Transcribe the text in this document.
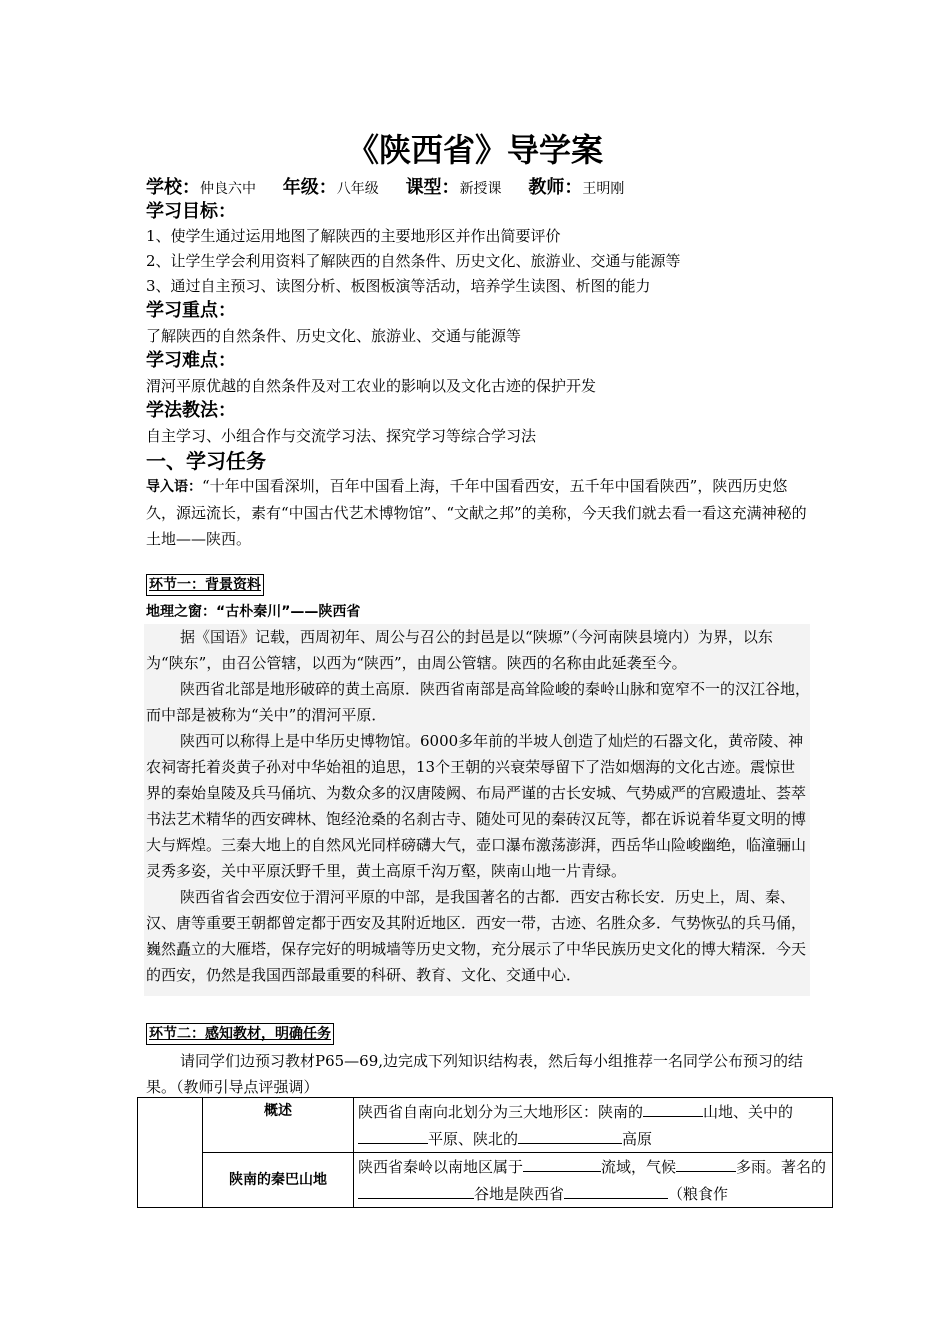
《陕西省》导学案
学校：仲良六中 年级：八年级 课型：新授课 教师：王明刚
学习目标：
1、使学生通过运用地图了解陕西的主要地形区并作出简要评价
2、让学生学会利用资料了解陕西的自然条件、历史文化、旅游业、交通与能源等
3、通过自主预习、读图分析、板图板演等活动，培养学生读图、析图的能力
学习重点：
了解陕西的自然条件、历史文化、旅游业、交通与能源等
学习难点：
渭河平原优越的自然条件及对工农业的影响以及文化古迹的保护开发
学法教法：
自主学习、小组合作与交流学习法、探究学习等综合学习法
一、学习任务
导入语：“十年中国看深圳，百年中国看上海，千年中国看西安，五千年中国看陕西”，陕西历史悠久，源远流长，素有“中国古代艺术博物馆”、“文献之邦”的美称，今天我们就去看一看这充满神秘的土地——陕西。
环节一：背景资料
地理之窗：“古朴秦川”——陕西省

据《国语》记载，西周初年、周公与召公的封邑是以“陕塬”（今河南陕县境内）为界，以东为“陕东”，由召公管辖，以西为“陕西”，由周公管辖。陕西的名称由此延袭至今。

陕西省北部是地形破碎的黄土高原．陕西省南部是高耸险峻的秦岭山脉和宽窄不一的汉江谷地，而中部是被称为“关中”的渭河平原．

陕西可以称得上是中华历史博物馆。6000多年前的半坡人创造了灿烂的石器文化，黄帝陵、神农祠寄托着炎黄子孙对中华始祖的追思，13个王朝的兴衰荣辱留下了浩如烟海的文化古迹。震惊世界的秦始皇陵及兵马俑坑、为数众多的汉唐陵阙、布局严谨的古长安城、气势威严的宫殿遗址、荟萃书法艺术精华的西安碑林、饱经沧桑的名刹古寺、随处可见的秦砖汉瓦等，都在诉说着华夏文明的博大与辉煌。三秦大地上的自然风光同样磅礴大气，壶口瀑布激荡澎湃，西岳华山险峻幽绝，临潼骊山灵秀多姿，关中平原沃野千里，黄土高原千沟万壑，陕南山地一片青绿。

陕西省省会西安位于渭河平原的中部，是我国著名的古都．西安古称长安．历史上，周、秦、汉、唐等重要王朝都曾定都于西安及其附近地区．西安一带，古迹、名胜众多．气势恢弘的兵马俑，巍然矗立的大雁塔，保存完好的明城墙等历史文物，充分展示了中华民族历史文化的博大精深．今天的西安，仍然是我国西部最重要的科研、教育、文化、交通中心．

环节二：感知教材，明确任务
请同学们边预习教材P65—69,边完成下列知识结构表，然后每小组推荐一名同学公布预习的结果。（教师引导点评强调）
	概述	陕西省自南向北划分为三大地形区：陕南的 山地、关中的平原、陕北的 高原
	陕南的秦巴山地	陕西省秦岭以南地区属于 流域，气候 多雨。著名的谷地是陕西省 （粮食作
